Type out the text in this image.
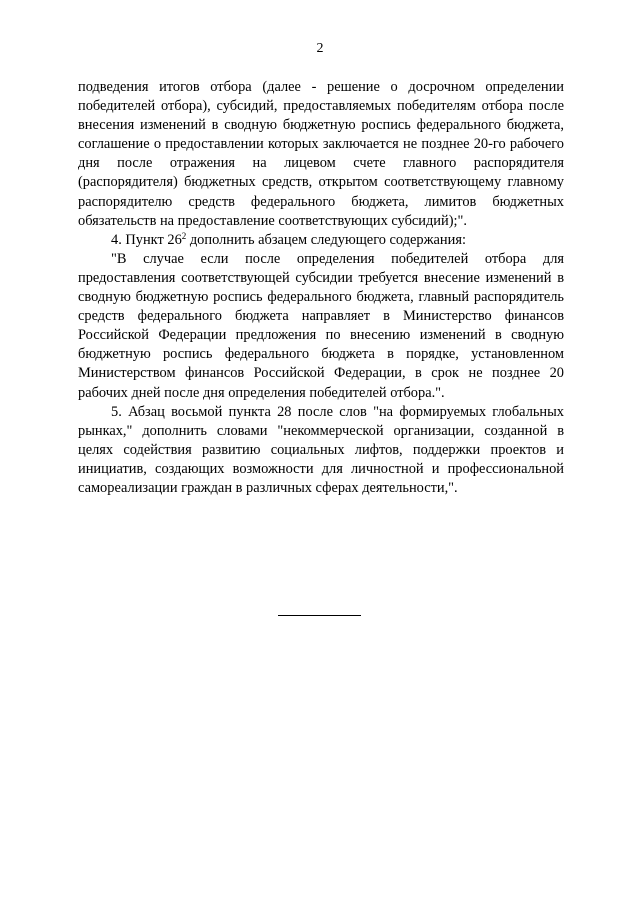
2

подведения итогов отбора (далее - решение о досрочном определении победителей отбора), субсидий, предоставляемых победителям отбора после внесения изменений в сводную бюджетную роспись федерального бюджета, соглашение о предоставлении которых заключается не позднее 20-го рабочего дня после отражения на лицевом счете главного распорядителя (распорядителя) бюджетных средств, открытом соответствующему главному распорядителю средств федерального бюджета, лимитов бюджетных обязательств на предоставление соответствующих субсидий);".

4. Пункт $26^2$ дополнить абзацем следующего содержания:

"В случае если после определения победителей отбора для предоставления соответствующей субсидии требуется внесение изменений в сводную бюджетную роспись федерального бюджета, главный распорядитель средств федерального бюджета направляет в Министерство финансов Российской Федерации предложения по внесению изменений в сводную бюджетную роспись федерального бюджета в порядке, установленном Министерством финансов Российской Федерации, в срок не позднее 20 рабочих дней после дня определения победителей отбора.".

5. Абзац восьмой пункта 28 после слов "на формируемых глобальных рынках," дополнить словами "некоммерческой организации, созданной в целях содействия развитию социальных лифтов, поддержки проектов и инициатив, создающих возможности для личностной и профессиональной самореализации граждан в различных сферах деятельности,".
